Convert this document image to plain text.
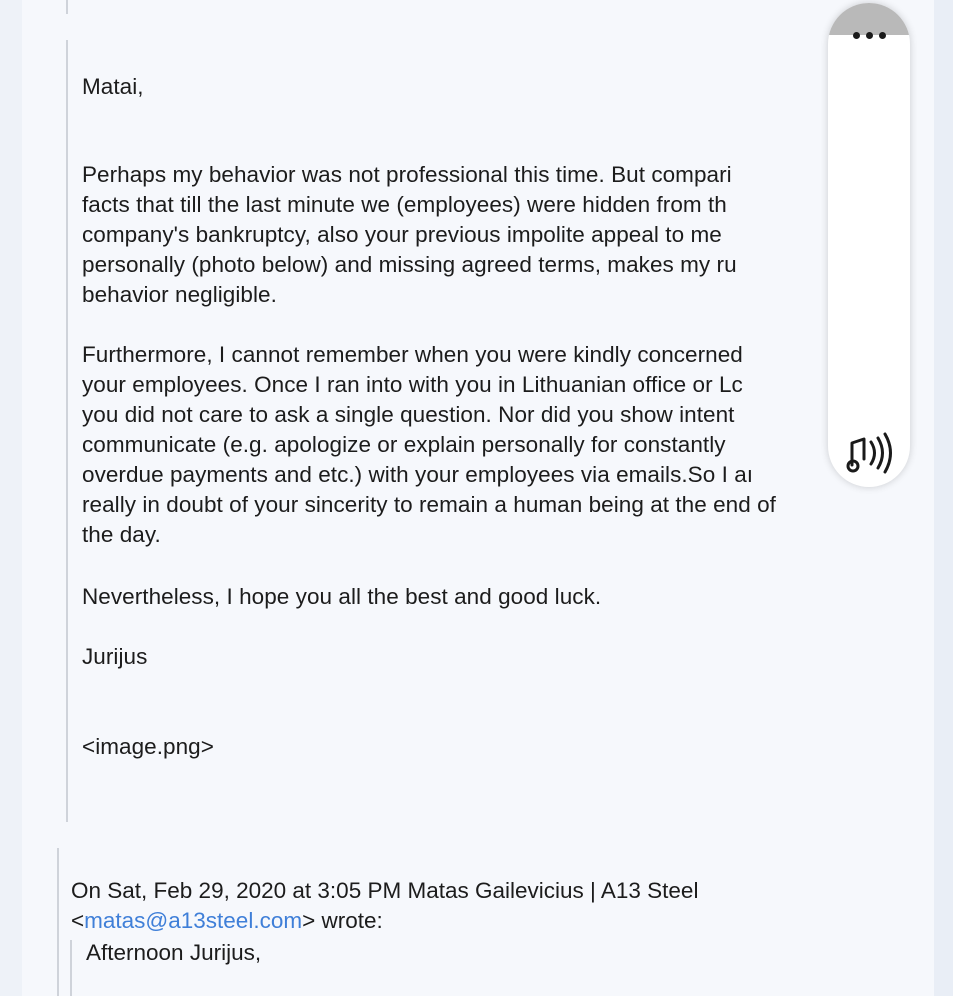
Matai,
Perhaps my behavior was not professional this time. But compari
facts that till the last minute we (employees) were hidden from th
company's bankruptcy, also your previous impolite appeal to me
personally (photo below) and missing agreed terms, makes my ru
behavior negligible.
Furthermore, I cannot remember when you were kindly concerned
your employees. Once I ran into with you in Lithuanian office or Lc
you did not care to ask a single question. Nor did you show intent
communicate (e.g. apologize or explain personally for constantly
overdue payments and etc.) with your employees via emails.So I aı
really in doubt of your sincerity to remain a human being at the end of
the day.
Nevertheless, I hope you all the best and good luck.
Jurijus
<image.png>
On Sat, Feb 29, 2020 at 3:05 PM Matas Gailevicius | A13 Steel
<matas@a13steel.com> wrote:
Afternoon Jurijus,
